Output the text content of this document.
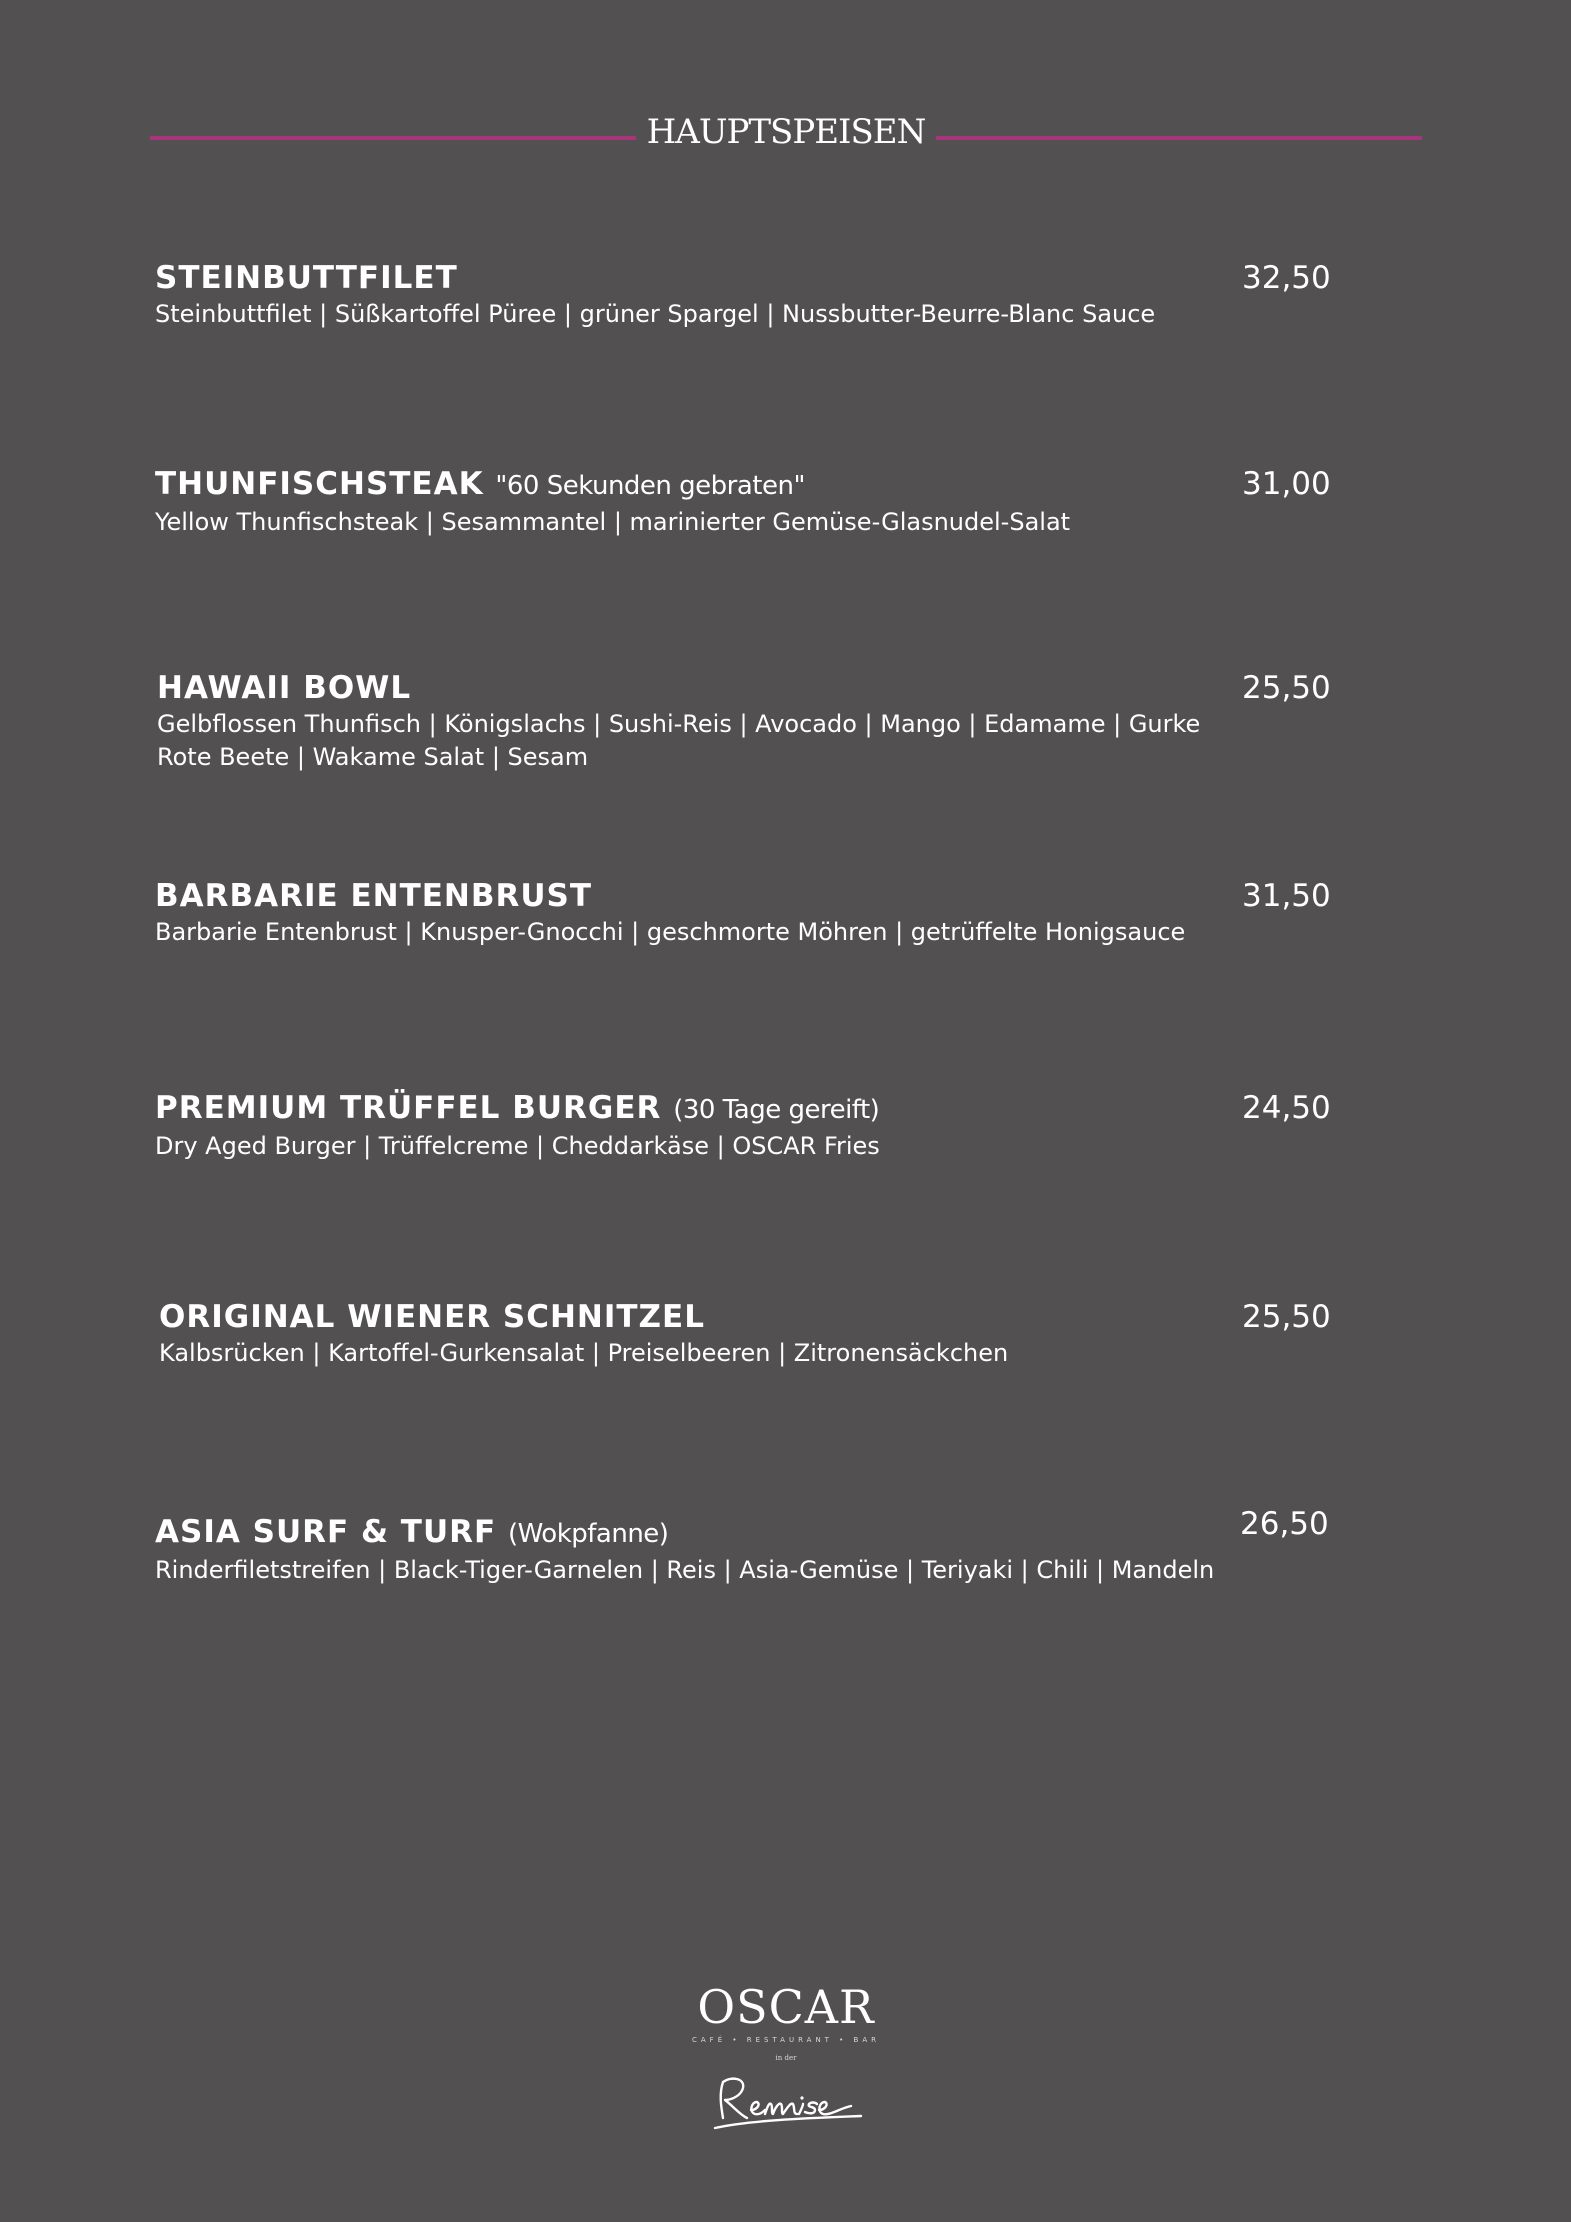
HAUPTSPEISEN
STEINBUTTFILET
Steinbuttfilet | Süßkartoffel Püree | grüner Spargel | Nussbutter-Beurre-Blanc Sauce
32,50
THUNFISCHSTEAK "60 Sekunden gebraten"
Yellow Thunfischsteak | Sesammantel | marinierter Gemüse-Glasnudel-Salat
31,00
HAWAII BOWL
Gelbflossen Thunfisch | Königslachs | Sushi-Reis | Avocado | Mango | Edamame | Gurke
Rote Beete | Wakame Salat | Sesam
25,50
BARBARIE ENTENBRUST
Barbarie Entenbrust | Knusper-Gnocchi | geschmorte Möhren | getrüffelte Honigsauce
31,50
PREMIUM TRÜFFEL BURGER (30 Tage gereift)
Dry Aged Burger | Trüffelcreme | Cheddarkäse | OSCAR Fries
24,50
ORIGINAL WIENER SCHNITZEL
Kalbsrücken | Kartoffel-Gurkensalat | Preiselbeeren | Zitronensäckchen
25,50
ASIA SURF & TURF (Wokpfanne)
Rinderfiletstreifen | Black-Tiger-Garnelen | Reis | Asia-Gemüse | Teriyaki | Chili | Mandeln
26,50
OSCAR
CAFÉ • RESTAURANT • BAR
in der
